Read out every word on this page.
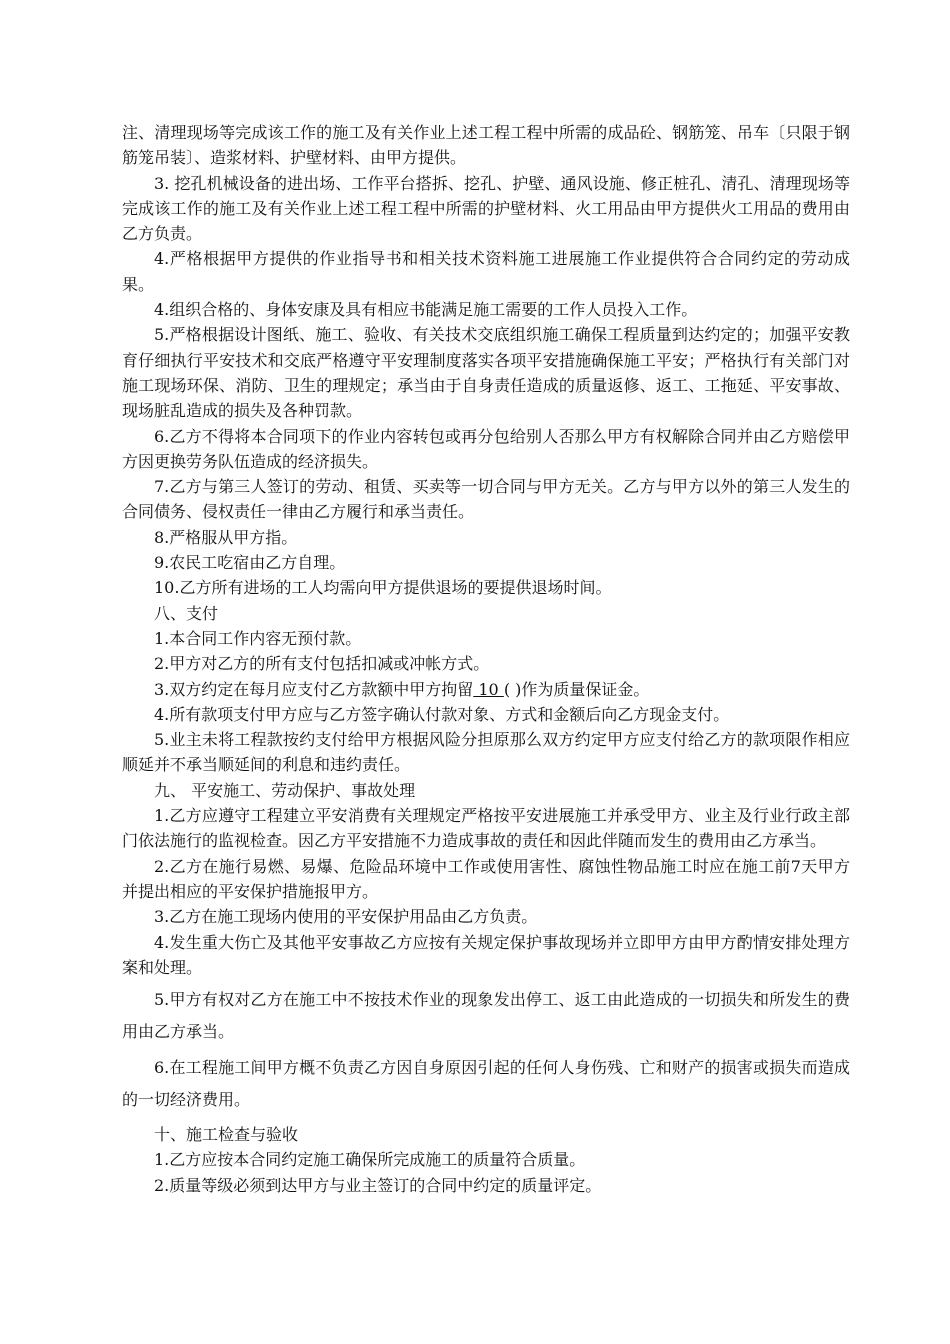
注、清理现场等完成该工作的施工及有关作业上述工程工程中所需的成品砼、钢筋笼、吊车〔只限于钢筋笼吊装〕、造浆材料、护壁材料、由甲方提供。

3. 挖孔机械设备的进出场、工作平台搭拆、挖孔、护壁、通风设施、修正桩孔、清孔、清理现场等完成该工作的施工及有关作业上述工程工程中所需的护壁材料、火工用品由甲方提供火工用品的费用由乙方负责。

4.严格根据甲方提供的作业指导书和相关技术资料施工进展施工作业提供符合合同约定的劳动成果。

4.组织合格的、身体安康及具有相应书能满足施工需要的工作人员投入工作。

5.严格根据设计图纸、施工、验收、有关技术交底组织施工确保工程质量到达约定的；加强平安教育仔细执行平安技术和交底严格遵守平安理制度落实各项平安措施确保施工平安；严格执行有关部门对施工现场环保、消防、卫生的理规定；承当由于自身责任造成的质量返修、返工、工拖延、平安事故、现场脏乱造成的损失及各种罚款。

6.乙方不得将本合同项下的作业内容转包或再分包给别人否那么甲方有权解除合同并由乙方赔偿甲方因更换劳务队伍造成的经济损失。

7.乙方与第三人签订的劳动、租赁、买卖等一切合同与甲方无关。乙方与甲方以外的第三人发生的合同债务、侵权责任一律由乙方履行和承当责任。

8.严格服从甲方指。

9.农民工吃宿由乙方自理。

10.乙方所有进场的工人均需向甲方提供退场的要提供退场时间。

八、支付

1.本合同工作内容无预付款。

2.甲方对乙方的所有支付包括扣减或冲帐方式。

3.双方约定在每月应支付乙方款额中甲方拘留 10 ( )作为质量保证金。

4.所有款项支付甲方应与乙方签字确认付款对象、方式和金额后向乙方现金支付。

5.业主未将工程款按约支付给甲方根据风险分担原那么双方约定甲方应支付给乙方的款项限作相应顺延并不承当顺延间的利息和违约责任。

九、 平安施工、劳动保护、事故处理

1.乙方应遵守工程建立平安消费有关理规定严格按平安进展施工并承受甲方、业主及行业行政主部门依法施行的监视检查。因乙方平安措施不力造成事故的责任和因此伴随而发生的费用由乙方承当。

2.乙方在施行易燃、易爆、危险品环境中工作或使用害性、腐蚀性物品施工时应在施工前7天甲方并提出相应的平安保护措施报甲方。

3.乙方在施工现场内使用的平安保护用品由乙方负责。

4.发生重大伤亡及其他平安事故乙方应按有关规定保护事故现场并立即甲方由甲方酌情安排处理方案和处理。

5.甲方有权对乙方在施工中不按技术作业的现象发出停工、返工由此造成的一切损失和所发生的费用由乙方承当。

6.在工程施工间甲方概不负责乙方因自身原因引起的任何人身伤残、亡和财产的损害或损失而造成的一切经济费用。

十、施工检查与验收

1.乙方应按本合同约定施工确保所完成施工的质量符合质量。

2.质量等级必须到达甲方与业主签订的合同中约定的质量评定。
